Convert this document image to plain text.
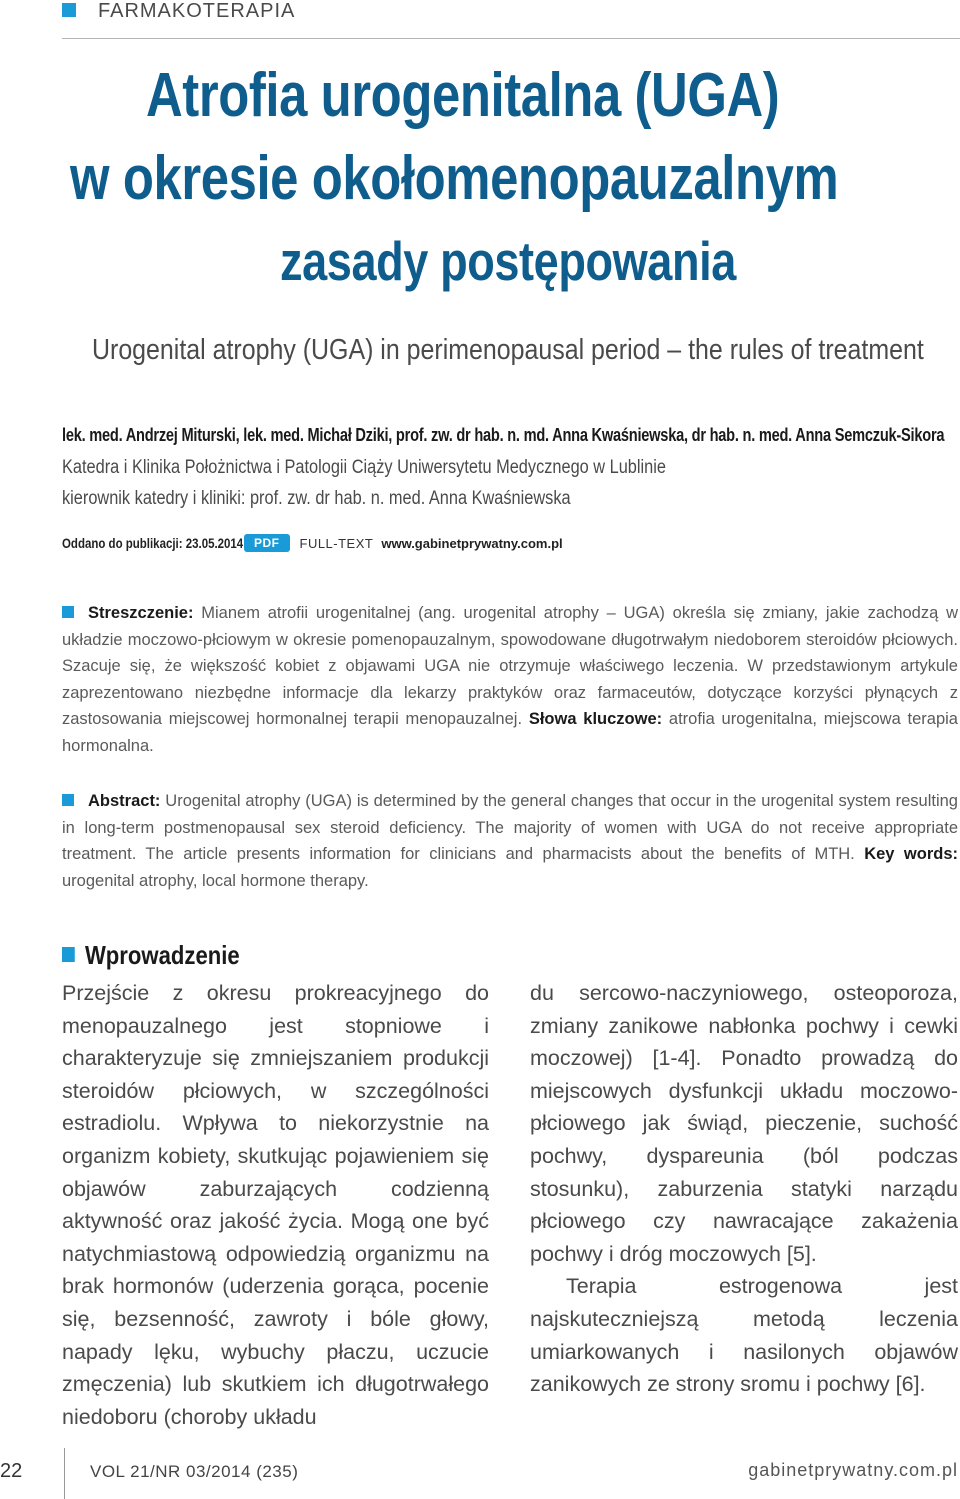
FARMAKOTERAPIA
Atrofia urogenitalna (UGA)
w okresie okołomenopauzalnym
zasady postępowania
Urogenital atrophy (UGA) in perimenopausal period – the rules of treatment
lek. med. Andrzej Miturski, lek. med. Michał Dziki, prof. zw. dr hab. n. md. Anna Kwaśniewska, dr hab. n. med. Anna Semczuk-Sikora
Katedra i Klinika Położnictwa i Patologii Ciąży Uniwersytetu Medycznego w Lublinie
kierownik katedry i kliniki: prof. zw. dr hab. n. med. Anna Kwaśniewska
Oddano do publikacji: 23.05.2014 PDF	FULL-TEXT www.gabinetprywatny.com.pl
Streszczenie: Mianem atrofii urogenitalnej (ang. urogenital atrophy – UGA) określa się zmiany, jakie zachodzą w układzie moczowo-płciowym w okresie pomenopauzalnym, spowodowane długotrwałym niedoborem steroidów płciowych. Szacuje się, że większość kobiet z objawami UGA nie otrzymuje właściwego leczenia. W przedstawionym artykule zaprezentowano niezbędne informacje dla lekarzy praktyków oraz farmaceutów, dotyczące korzyści płynących z zastosowania miejscowej hormonalnej terapii menopauzalnej. Słowa kluczowe: atrofia urogenitalna, miejscowa terapia hormonalna.
Abstract: Urogenital atrophy (UGA) is determined by the general changes that occur in the urogenital system resulting in long-term postmenopausal sex steroid deficiency. The majority of women with UGA do not receive appropriate treatment. The article presents information for clinicians and pharmacists about the benefits of MTH. Key words: urogenital atrophy, local hormone therapy.
Wprowadzenie
Przejście z okresu prokreacyjnego do menopauzalnego jest stopniowe i charakteryzuje się zmniejszaniem produkcji steroidów płciowych, w szczególności estradiolu. Wpływa to niekorzystnie na organizm kobiety, skutkując pojawieniem się objawów zaburzających codzienną aktywność oraz jakość życia. Mogą one być natychmiastową odpowiedzią organizmu na brak hormonów (uderzenia gorąca, pocenie się, bezsenność, zawroty i bóle głowy, napady lęku, wybuchy płaczu, uczucie zmęczenia) lub skutkiem ich długotrwałego niedoboru (choroby układu
du sercowo-naczyniowego, osteoporoza, zmiany zanikowe nabłonka pochwy i cewki moczowej) [1-4]. Ponadto prowadzą do miejscowych dysfunkcji układu moczowo-płciowego jak świąd, pieczenie, suchość pochwy, dyspareunia (ból podczas stosunku), zaburzenia statyki narządu płciowego czy nawracające zakażenia pochwy i dróg moczowych [5].
Terapia estrogenowa jest najskuteczniejszą metodą leczenia umiarkowanych i nasilonych objawów zanikowych ze strony sromu i pochwy [6].
22	VOL 21/NR 03/2014 (235)	gabinetprywatny.com.pl
